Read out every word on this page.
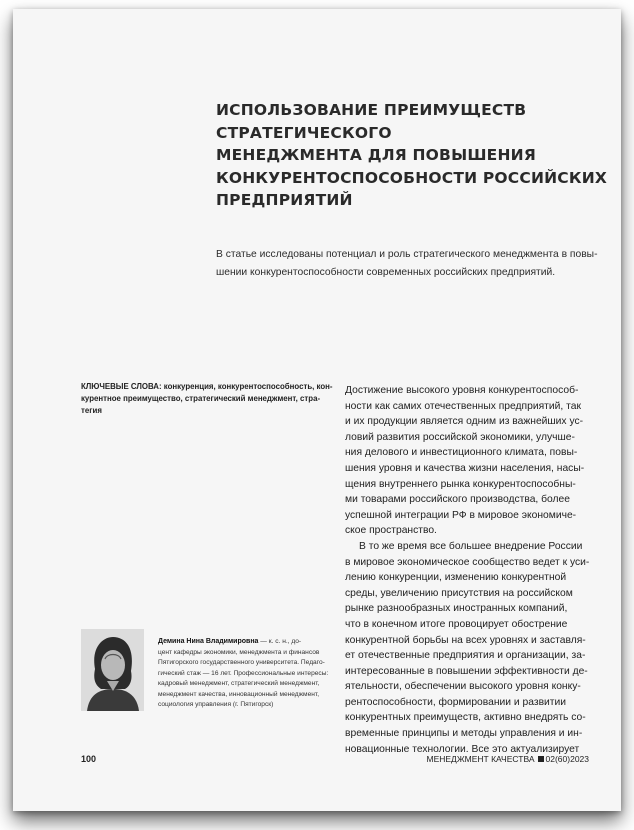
ИСПОЛЬЗОВАНИЕ ПРЕИМУЩЕСТВ
СТРАТЕГИЧЕСКОГО
МЕНЕДЖМЕНТА ДЛЯ ПОВЫШЕНИЯ
КОНКУРЕНТОСПОСОБНОСТИ РОССИЙСКИХ
ПРЕДПРИЯТИЙ

В статье исследованы потенциал и роль стратегического менеджмента в повы-
шении конкурентоспособности современных российских предприятий.

КЛЮЧЕВЫЕ СЛОВА: конкуренция, конкурентоспособность, кон-
курентное преимущество, стратегический менеджмент, стра-
тегия

Достижение высокого уровня конкурентоспособ-
ности как самих отечественных предприятий, так
и их продукции является одним из важнейших ус-
ловий развития российской экономики, улучше-
ния делового и инвестиционного климата, повы-
шения уровня и качества жизни населения, насы-
щения внутреннего рынка конкурентоспособны-
ми товарами российского производства, более
успешной интеграции РФ в мировое экономиче-
ское пространство.

В то же время все большее внедрение России
в мировое экономическое сообщество ведет к уси-
лению конкуренции, изменению конкурентной
среды, увеличению присутствия на российском
рынке разнообразных иностранных компаний,
что в конечном итоге провоцирует обострение
конкурентной борьбы на всех уровнях и заставля-
ет отечественные предприятия и организации, за-
интересованные в повышении эффективности де-
ятельности, обеспечении высокого уровня конку-
рентоспособности, формировании и развитии
конкурентных преимуществ, активно внедрять со-
временные принципы и методы управления и ин-
новационные технологии. Все это актуализирует

Демина Нина Владимировна — к. с. н., до-
цент кафедры экономики, менеджмента и финансов
Пятигорского государственного университета. Педаго-
гический стаж — 16 лет. Профессиональные интересы:
кадровый менеджмент, стратегический менеджмент,
менеджмент качества, инновационный менеджмент,
социология управления (г. Пятигорск)
100	МЕНЕДЖМЕНТ КАЧЕСТВА 02(60)2023
